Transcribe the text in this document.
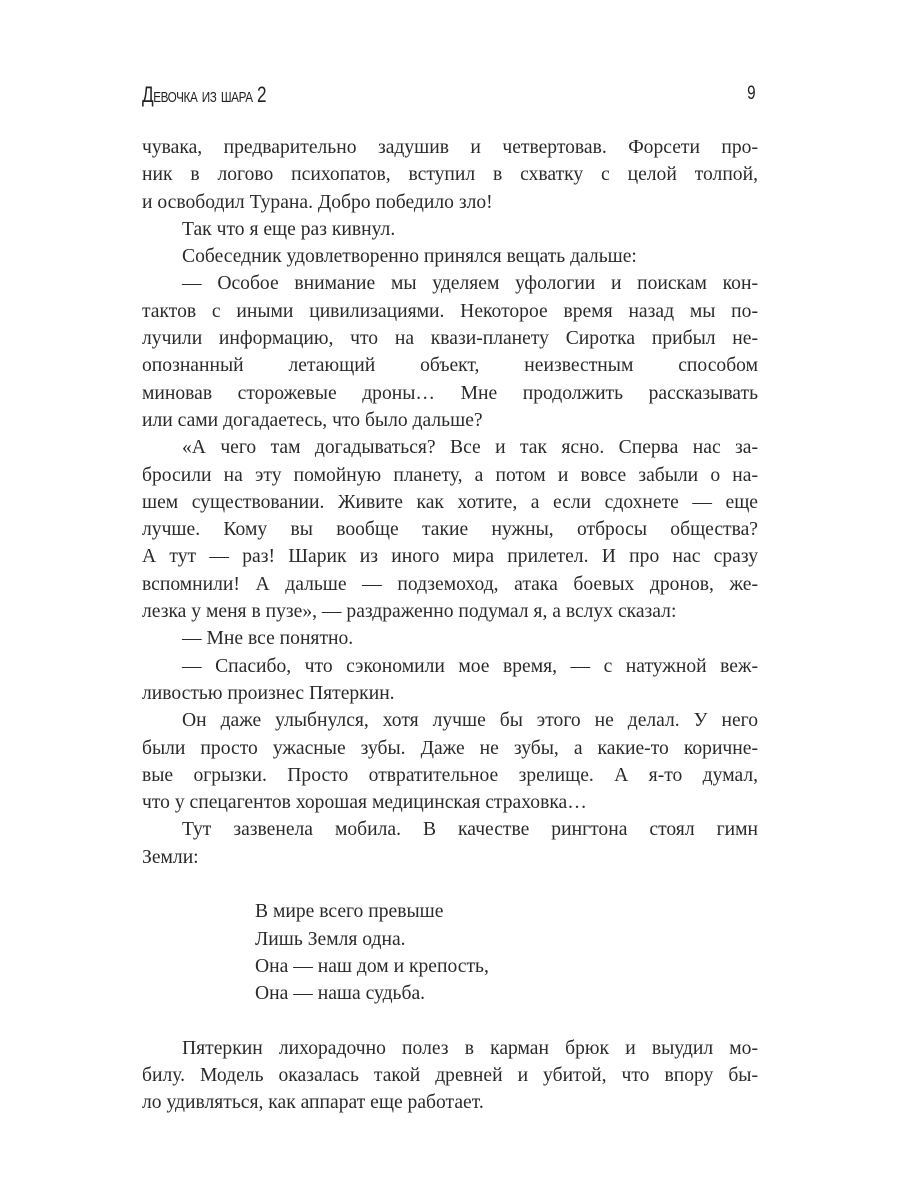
Девочка из шара 2	9
чувака, предварительно задушив и четвертовав. Форсети про-
ник в логово психопатов, вступил в схватку с целой толпой,
и освободил Турана. Добро победило зло!
Так что я еще раз кивнул.
Собеседник удовлетворенно принялся вещать дальше:
— Особое внимание мы уделяем уфологии и поискам кон-
тактов с иными цивилизациями. Некоторое время назад мы по-
лучили информацию, что на квази-планету Сиротка прибыл не-
опознанный летающий объект, неизвестным способом
миновав сторожевые дроны… Мне продолжить рассказывать
или сами догадаетесь, что было дальше?
«А чего там догадываться? Все и так ясно. Сперва нас за-
бросили на эту помойную планету, а потом и вовсе забыли о на-
шем существовании. Живите как хотите, а если сдохнете — еще
лучше. Кому вы вообще такие нужны, отбросы общества?
А тут — раз! Шарик из иного мира прилетел. И про нас сразу
вспомнили! А дальше — подземоход, атака боевых дронов, же-
лезка у меня в пузе», — раздраженно подумал я, а вслух сказал:
— Мне все понятно.
— Спасибо, что сэкономили мое время, — с натужной веж-
ливостью произнес Пятеркин.
Он даже улыбнулся, хотя лучше бы этого не делал. У него
были просто ужасные зубы. Даже не зубы, а какие-то коричне-
вые огрызки. Просто отвратительное зрелище. А я-то думал,
что у спецагентов хорошая медицинская страховка…
Тут зазвенела мобила. В качестве рингтона стоял гимн
Земли:
В мире всего превыше
Лишь Земля одна.
Она — наш дом и крепость,
Она — наша судьба.
Пятеркин лихорадочно полез в карман брюк и выудил мо-
билу. Модель оказалась такой древней и убитой, что впору бы-
ло удивляться, как аппарат еще работает.
